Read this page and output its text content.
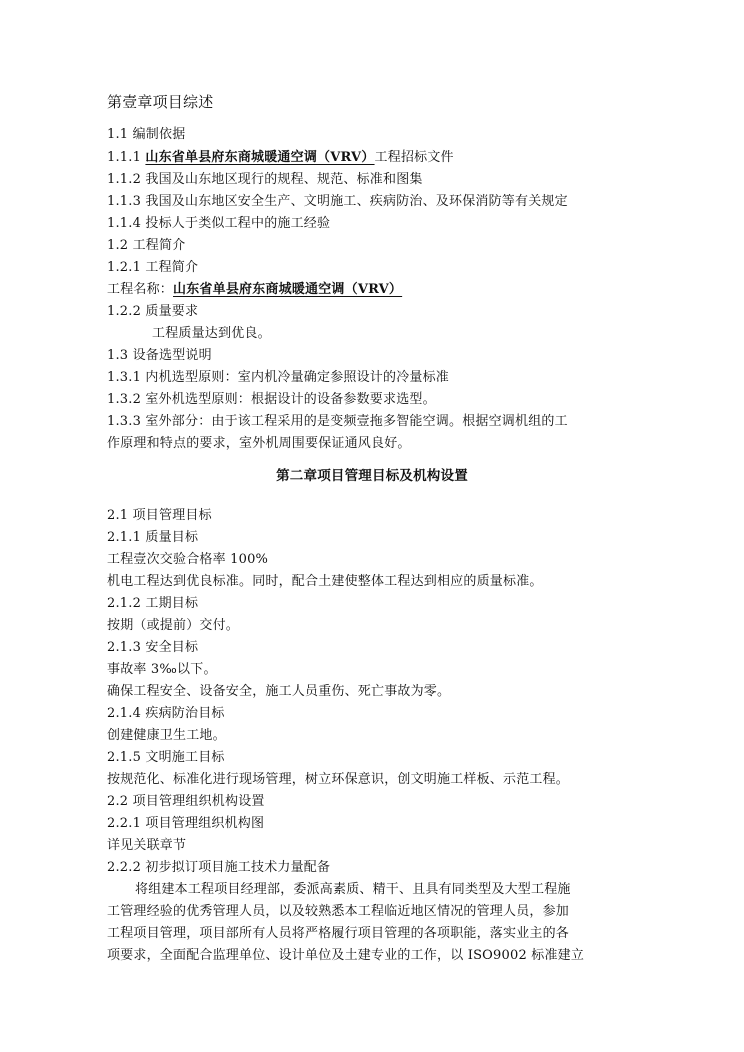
第壹章项目综述
1.1 编制依据
1.1.1 山东省单县府东商城暖通空调（VRV）工程招标文件
1.1.2 我国及山东地区现行的规程、规范、标准和图集
1.1.3 我国及山东地区安全生产、文明施工、疾病防治、及环保消防等有关规定
1.1.4 投标人于类似工程中的施工经验
1.2 工程简介
1.2.1 工程简介
工程名称：山东省单县府东商城暖通空调（VRV）
1.2.2 质量要求
工程质量达到优良。
1.3 设备选型说明
1.3.1 内机选型原则：室内机冷量确定参照设计的冷量标准
1.3.2 室外机选型原则：根据设计的设备参数要求选型。
1.3.3 室外部分：由于该工程采用的是变频壹拖多智能空调。根据空调机组的工
作原理和特点的要求，室外机周围要保证通风良好。
第二章项目管理目标及机构设置
2.1 项目管理目标
2.1.1 质量目标
工程壹次交验合格率 100%
机电工程达到优良标准。同时，配合土建使整体工程达到相应的质量标准。
2.1.2 工期目标
按期（或提前）交付。
2.1.3 安全目标
事故率 3‰以下。
确保工程安全、设备安全，施工人员重伤、死亡事故为零。
2.1.4 疾病防治目标
创建健康卫生工地。
2.1.5 文明施工目标
按规范化、标准化进行现场管理，树立环保意识，创文明施工样板、示范工程。
2.2 项目管理组织机构设置
2.2.1 项目管理组织机构图
详见关联章节
2.2.2 初步拟订项目施工技术力量配备
将组建本工程项目经理部，委派高素质、精干、且具有同类型及大型工程施
工管理经验的优秀管理人员，以及较熟悉本工程临近地区情况的管理人员，参加
工程项目管理，项目部所有人员将严格履行项目管理的各项职能，落实业主的各
项要求，全面配合监理单位、设计单位及土建专业的工作，以 ISO9002 标准建立
